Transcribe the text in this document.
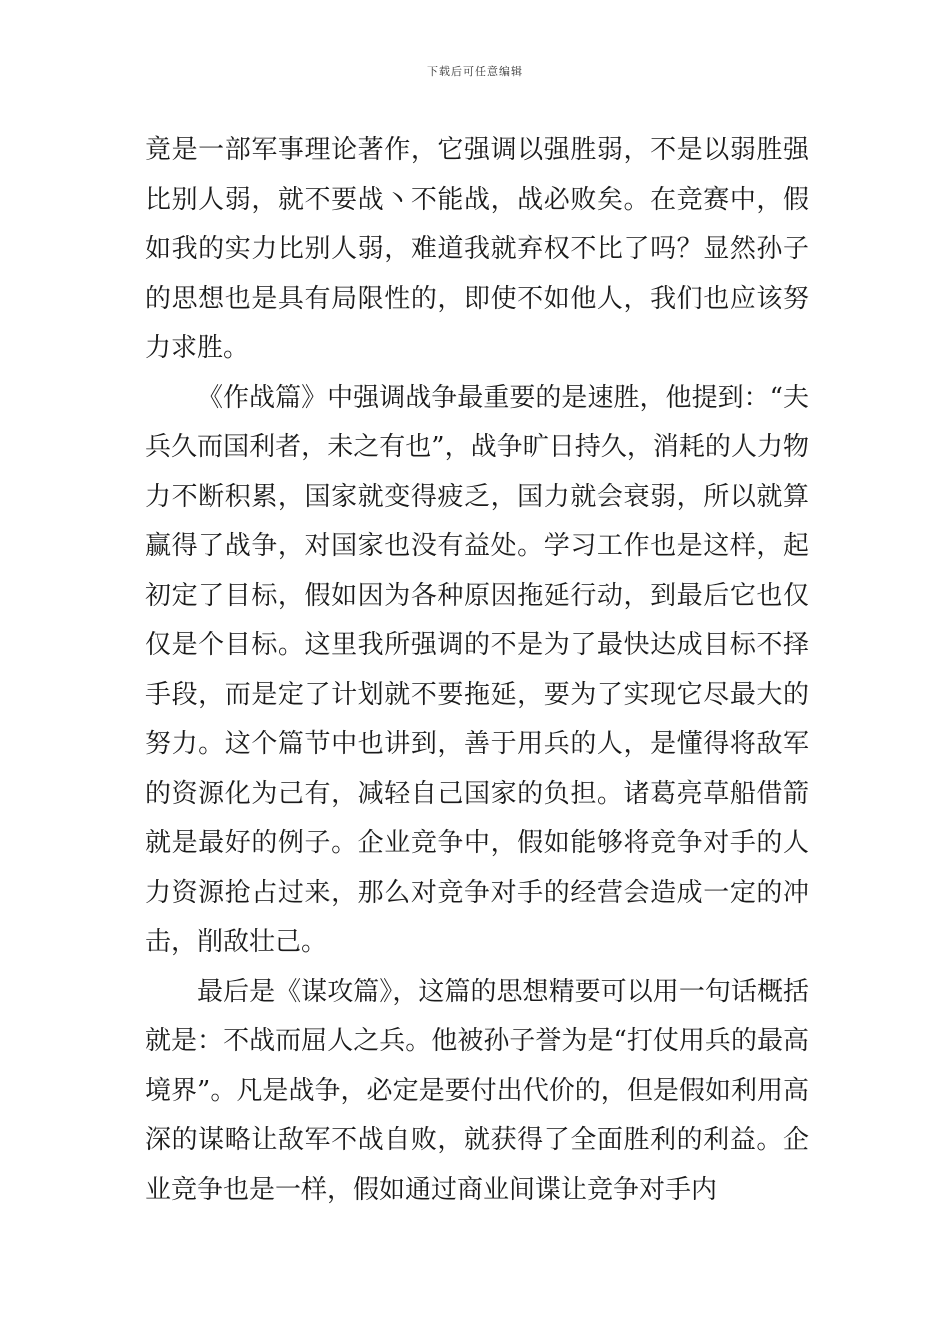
下载后可任意编辑

竟是一部军事理论著作，它强调以强胜弱，不是以弱胜强比别人弱，就不要战丶不能战，战必败矣。在竞赛中，假如我的实力比别人弱，难道我就弃权不比了吗？显然孙子的思想也是具有局限性的，即使不如他人，我们也应该努力求胜。

《作战篇》中强调战争最重要的是速胜，他提到：“夫兵久而国利者，未之有也”，战争旷日持久，消耗的人力物力不断积累，国家就变得疲乏，国力就会衰弱，所以就算赢得了战争，对国家也没有益处。学习工作也是这样，起初定了目标，假如因为各种原因拖延行动，到最后它也仅仅是个目标。这里我所强调的不是为了最快达成目标不择手段，而是定了计划就不要拖延，要为了实现它尽最大的努力。这个篇节中也讲到，善于用兵的人，是懂得将敌军的资源化为己有，减轻自己国家的负担。诸葛亮草船借箭就是最好的例子。企业竞争中，假如能够将竞争对手的人力资源抢占过来，那么对竞争对手的经营会造成一定的冲击，削敌壮己。

最后是《谋攻篇》，这篇的思想精要可以用一句话概括就是：不战而屈人之兵。他被孙子誉为是“打仗用兵的最高境界”。凡是战争，必定是要付出代价的，但是假如利用高深的谋略让敌军不战自败，就获得了全面胜利的利益。企业竞争也是一样，假如通过商业间谍让竞争对手内
